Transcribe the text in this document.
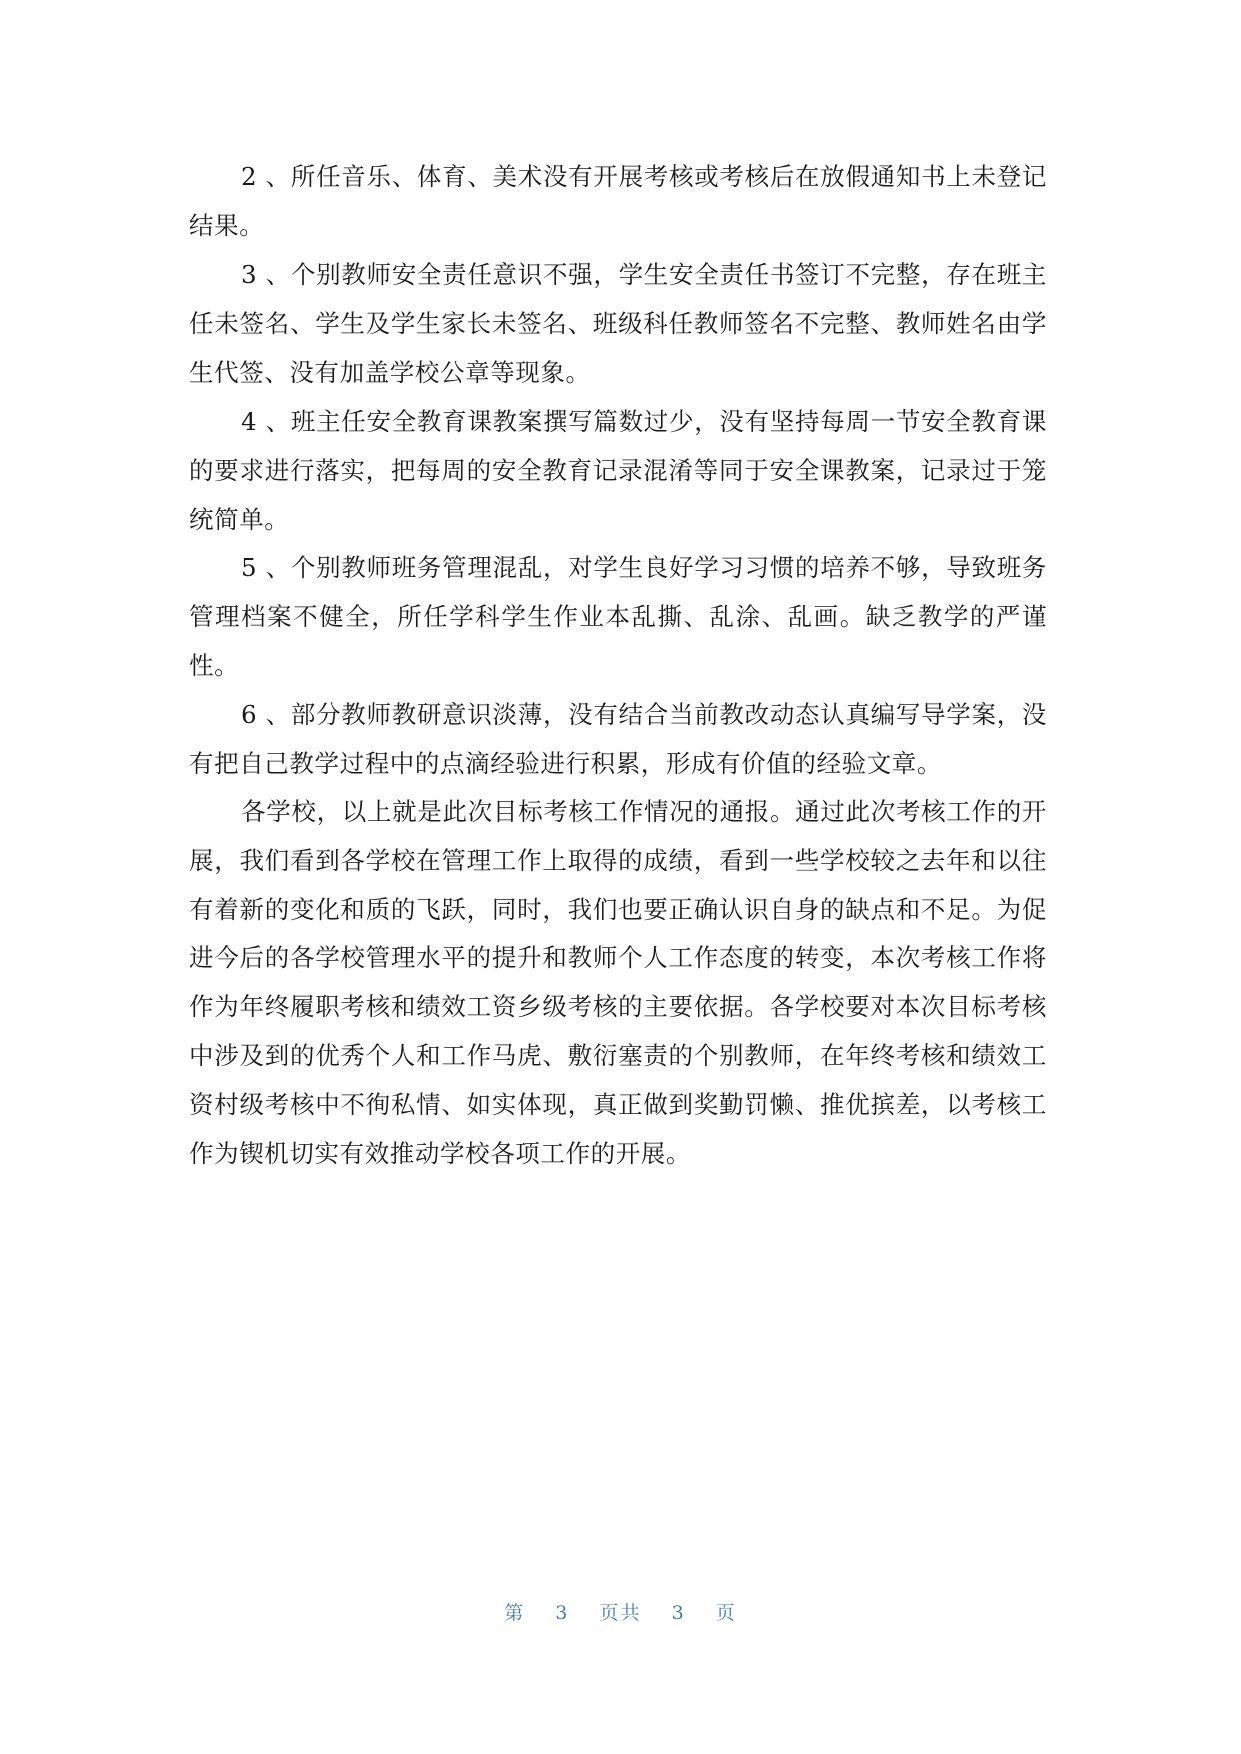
2 、所任音乐、体育、美术没有开展考核或考核后在放假通知书上未登记结果。

3 、个别教师安全责任意识不强，学生安全责任书签订不完整，存在班主任未签名、学生及学生家长未签名、班级科任教师签名不完整、教师姓名由学生代签、没有加盖学校公章等现象。

4 、班主任安全教育课教案撰写篇数过少，没有坚持每周一节安全教育课的要求进行落实，把每周的安全教育记录混淆等同于安全课教案，记录过于笼统简单。

5 、个别教师班务管理混乱，对学生良好学习习惯的培养不够，导致班务管理档案不健全，所任学科学生作业本乱撕、乱涂、乱画。缺乏教学的严谨性。

6 、部分教师教研意识淡薄，没有结合当前教改动态认真编写导学案，没有把自己教学过程中的点滴经验进行积累，形成有价值的经验文章。

各学校，以上就是此次目标考核工作情况的通报。通过此次考核工作的开展，我们看到各学校在管理工作上取得的成绩，看到一些学校较之去年和以往有着新的变化和质的飞跃，同时，我们也要正确认识自身的缺点和不足。为促进今后的各学校管理水平的提升和教师个人工作态度的转变，本次考核工作将作为年终履职考核和绩效工资乡级考核的主要依据。各学校要对本次目标考核中涉及到的优秀个人和工作马虎、敷衍塞责的个别教师，在年终考核和绩效工资村级考核中不徇私情、如实体现，真正做到奖勤罚懒、推优摈差，以考核工作为锲机切实有效推动学校各项工作的开展。

第 3 页共 3 页
